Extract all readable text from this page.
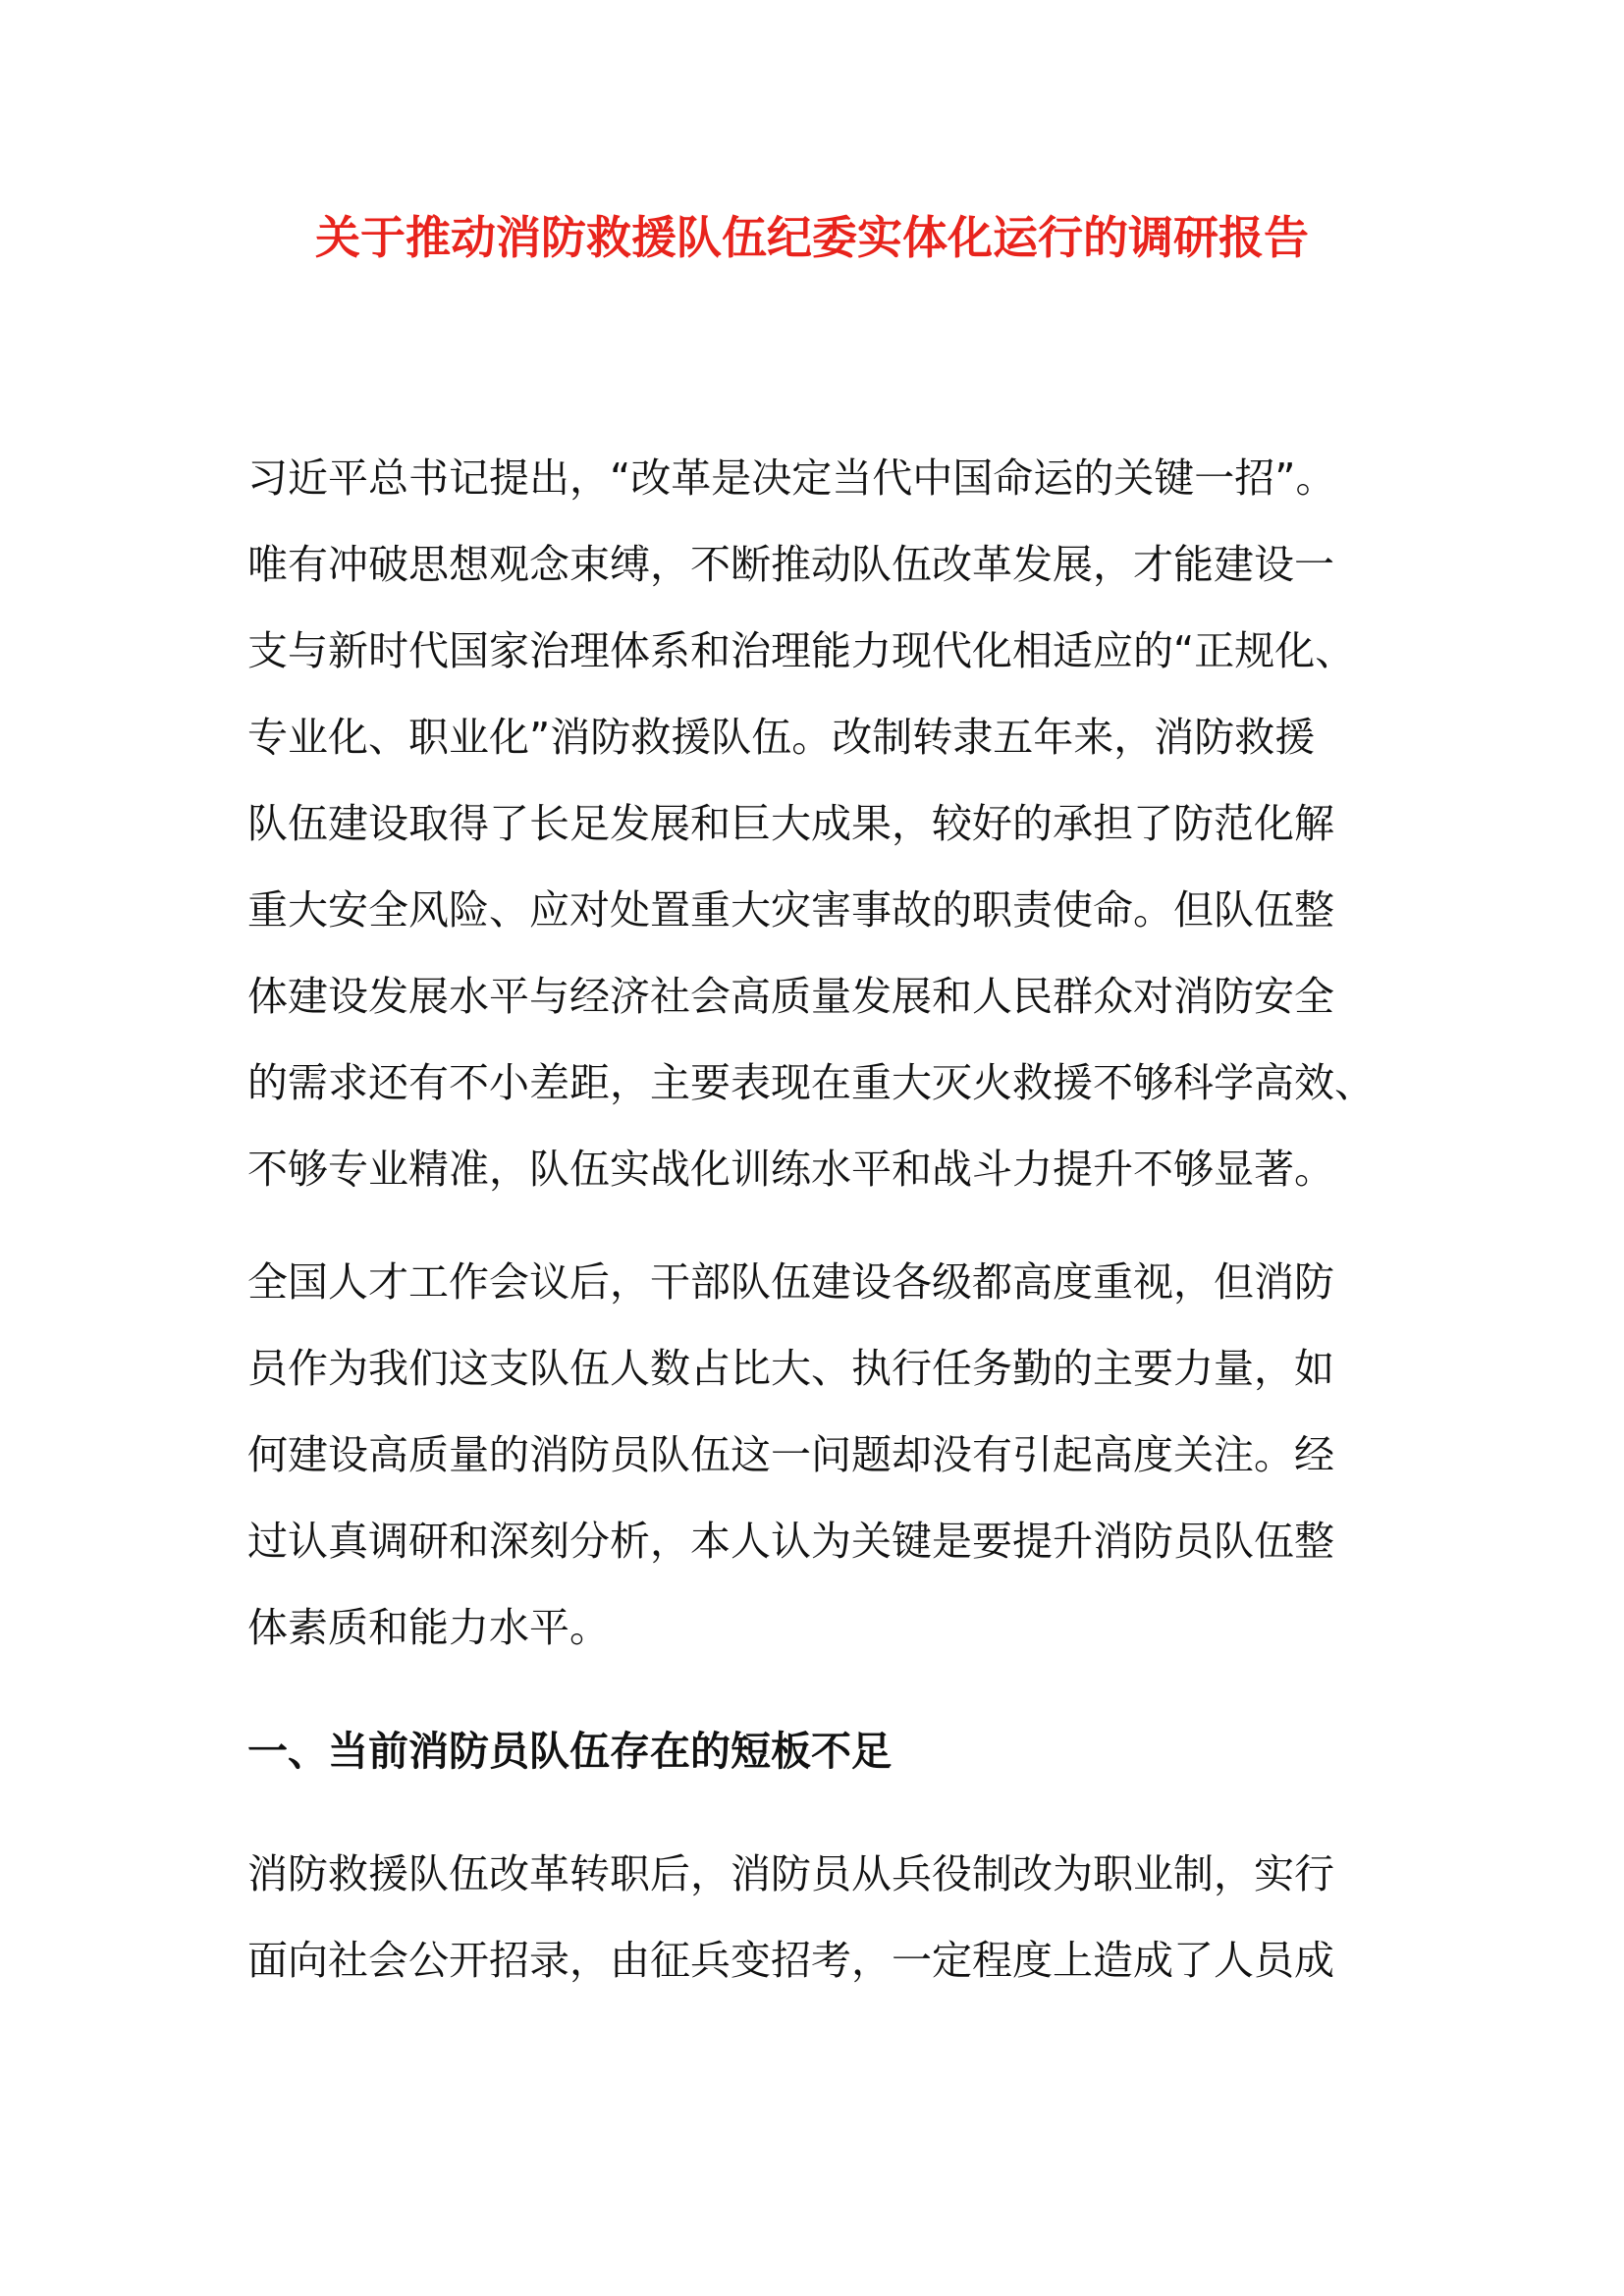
关于推动消防救援队伍纪委实体化运行的调研报告

习近平总书记提出，“改革是决定当代中国命运的关键一招”。
唯有冲破思想观念束缚，不断推动队伍改革发展，才能建设一
支与新时代国家治理体系和治理能力现代化相适应的“正规化、
专业化、职业化”消防救援队伍。改制转隶五年来，消防救援
队伍建设取得了长足发展和巨大成果，较好的承担了防范化解
重大安全风险、应对处置重大灾害事故的职责使命。但队伍整
体建设发展水平与经济社会高质量发展和人民群众对消防安全
的需求还有不小差距，主要表现在重大灭火救援不够科学高效、
不够专业精准，队伍实战化训练水平和战斗力提升不够显著。

全国人才工作会议后，干部队伍建设各级都高度重视，但消防
员作为我们这支队伍人数占比大、执行任务勤的主要力量，如
何建设高质量的消防员队伍这一问题却没有引起高度关注。经
过认真调研和深刻分析，本人认为关键是要提升消防员队伍整
体素质和能力水平。

一、当前消防员队伍存在的短板不足

消防救援队伍改革转职后，消防员从兵役制改为职业制，实行
面向社会公开招录，由征兵变招考，一定程度上造成了人员成
